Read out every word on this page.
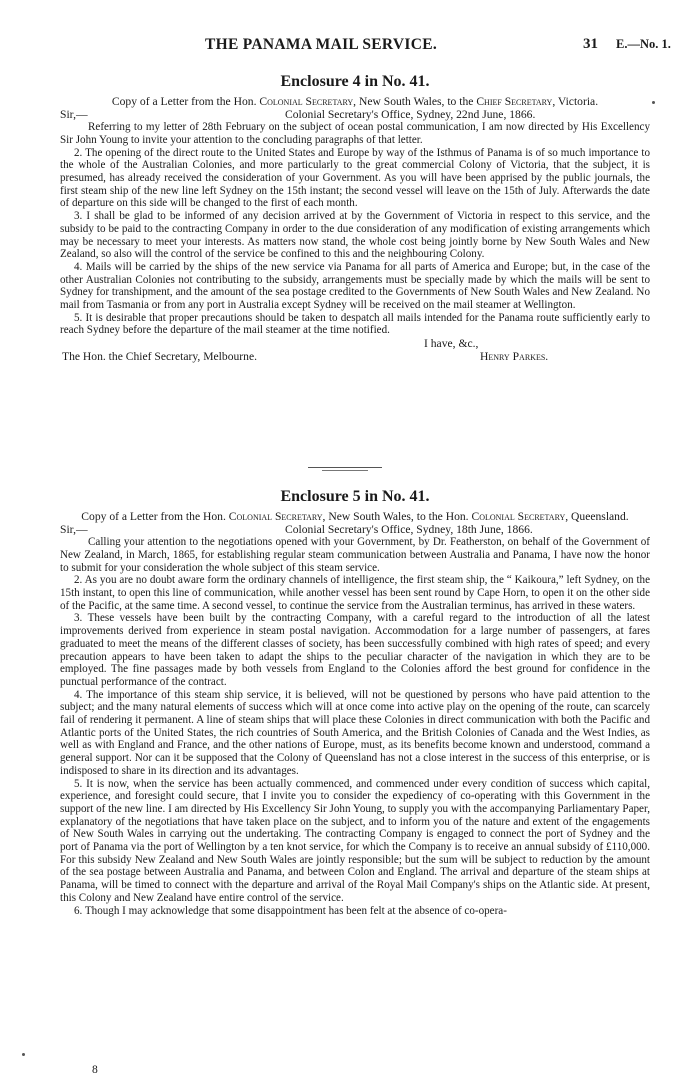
THE PANAMA MAIL SERVICE.	31 E.—No. 1.
Enclosure 4 in No. 41.
Copy of a Letter from the Hon. Colonial Secretary, New South Wales, to the Chief Secretary, Victoria.
Sir,—	Colonial Secretary's Office, Sydney, 22nd June, 1866.

Referring to my letter of 28th February on the subject of ocean postal communication, I am now directed by His Excellency Sir John Young to invite your attention to the concluding paragraphs of that letter.

2. The opening of the direct route to the United States and Europe by way of the Isthmus of Panama is of so much importance to the whole of the Australian Colonies, and more particularly to the great commercial Colony of Victoria, that the subject, it is presumed, has already received the consideration of your Government. As you will have been apprised by the public journals, the first steam ship of the new line left Sydney on the 15th instant; the second vessel will leave on the 15th of July. Afterwards the date of departure on this side will be changed to the first of each month.

3. I shall be glad to be informed of any decision arrived at by the Government of Victoria in respect to this service, and the subsidy to be paid to the contracting Company in order to the due consideration of any modification of existing arrangements which may be necessary to meet your interests. As matters now stand, the whole cost being jointly borne by New South Wales and New Zealand, so also will the control of the service be confined to this and the neighbouring Colony.

4. Mails will be carried by the ships of the new service via Panama for all parts of America and Europe; but, in the case of the other Australian Colonies not contributing to the subsidy, arrangements must be specially made by which the mails will be sent to Sydney for transhipment, and the amount of the sea postage credited to the Governments of New South Wales and New Zealand. No mail from Tasmania or from any port in Australia except Sydney will be received on the mail steamer at Wellington.

5. It is desirable that proper precautions should be taken to despatch all mails intended for the Panama route sufficiently early to reach Sydney before the departure of the mail steamer at the time notified.

I have, &c.,
The Hon. the Chief Secretary, Melbourne.	Henry Parkes.
Enclosure 5 in No. 41.
Copy of a Letter from the Hon. Colonial Secretary, New South Wales, to the Hon. Colonial Secretary, Queensland.
Sir,—	Colonial Secretary's Office, Sydney, 18th June, 1866.

Calling your attention to the negotiations opened with your Government, by Dr. Featherston, on behalf of the Government of New Zealand, in March, 1865, for establishing regular steam communication between Australia and Panama, I have now the honor to submit for your consideration the whole subject of this steam service.

2. As you are no doubt aware form the ordinary channels of intelligence, the first steam ship, the “ Kaikoura,” left Sydney, on the 15th instant, to open this line of communication, while another vessel has been sent round by Cape Horn, to open it on the other side of the Pacific, at the same time. A second vessel, to continue the service from the Australian terminus, has arrived in these waters.

3. These vessels have been built by the contracting Company, with a careful regard to the introduction of all the latest improvements derived from experience in steam postal navigation. Accommodation for a large number of passengers, at fares graduated to meet the means of the different classes of society, has been successfully combined with high rates of speed; and every precaution appears to have been taken to adapt the ships to the peculiar character of the navigation in which they are to be employed. The fine passages made by both vessels from England to the Colonies afford the best ground for confidence in the punctual performance of the contract.

4. The importance of this steam ship service, it is believed, will not be questioned by persons who have paid attention to the subject; and the many natural elements of success which will at once come into active play on the opening of the route, can scarcely fail of rendering it permanent. A line of steam ships that will place these Colonies in direct communication with both the Pacific and Atlantic ports of the United States, the rich countries of South America, and the British Colonies of Canada and the West Indies, as well as with England and France, and the other nations of Europe, must, as its benefits become known and understood, command a general support. Nor can it be supposed that the Colony of Queensland has not a close interest in the success of this enterprise, or is indisposed to share in its direction and its advantages.

5. It is now, when the service has been actually commenced, and commenced under every condition of success which capital, experience, and foresight could secure, that I invite you to consider the expediency of co-operating with this Government in the support of the new line. I am directed by His Excellency Sir John Young, to supply you with the accompanying Parliamentary Paper, explanatory of the negotiations that have taken place on the subject, and to inform you of the nature and extent of the engagements of New South Wales in carrying out the undertaking. The contracting Company is engaged to connect the port of Sydney and the port of Panama via the port of Wellington by a ten knot service, for which the Company is to receive an annual subsidy of £110,000. For this subsidy New Zealand and New South Wales are jointly responsible; but the sum will be subject to reduction by the amount of the sea postage between Australia and Panama, and between Colon and England. The arrival and departure of the steam ships at Panama, will be timed to connect with the departure and arrival of the Royal Mail Company's ships on the Atlantic side. At present, this Colony and New Zealand have entire control of the service.

6. Though I may acknowledge that some disappointment has been felt at the absence of co-opera-

8
